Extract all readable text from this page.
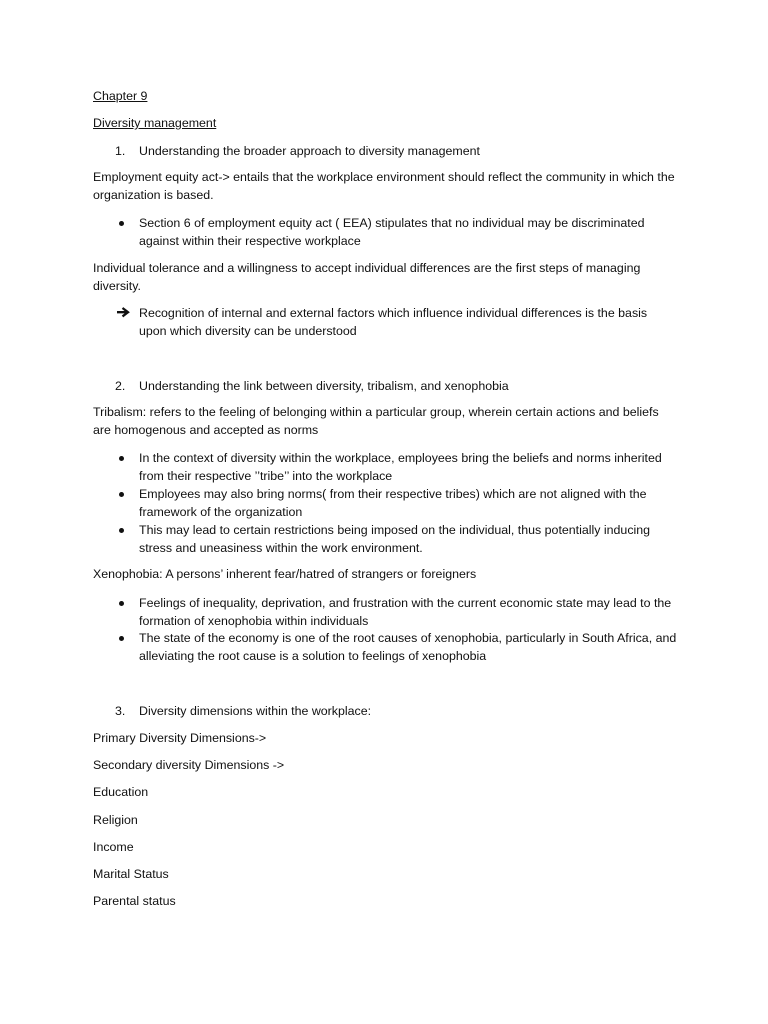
Chapter 9
Diversity management
1.	Understanding the broader approach to diversity management
Employment equity act-> entails that the workplace environment should reflect the community in which the organization is based.
Section 6 of employment equity act ( EEA) stipulates that no individual may be discriminated against within their respective workplace
Individual tolerance and a willingness to accept individual differences are the first steps of managing diversity.
Recognition of internal and external factors which influence individual differences is the basis upon which diversity can be understood
2.	Understanding the link between diversity, tribalism, and xenophobia
Tribalism: refers to the feeling of belonging within a particular group, wherein certain actions and beliefs are homogenous and accepted as norms
In the context of diversity within the workplace, employees bring the beliefs and norms inherited from their respective ’’tribe’’ into the workplace
Employees may also bring norms( from their respective tribes) which are not aligned with the framework of the organization
This may lead to certain restrictions being imposed on the individual, thus potentially inducing stress and uneasiness within the work environment.
Xenophobia: A persons’ inherent fear/hatred of strangers or foreigners
Feelings of inequality, deprivation, and frustration with the current economic state may lead to the formation of xenophobia within individuals
The state of the economy is one of the root causes of xenophobia, particularly in South Africa, and alleviating the root cause is a solution to feelings of xenophobia
3.	Diversity dimensions within the workplace:
Primary Diversity Dimensions->
Secondary diversity Dimensions ->
Education
Religion
Income
Marital Status
Parental status
